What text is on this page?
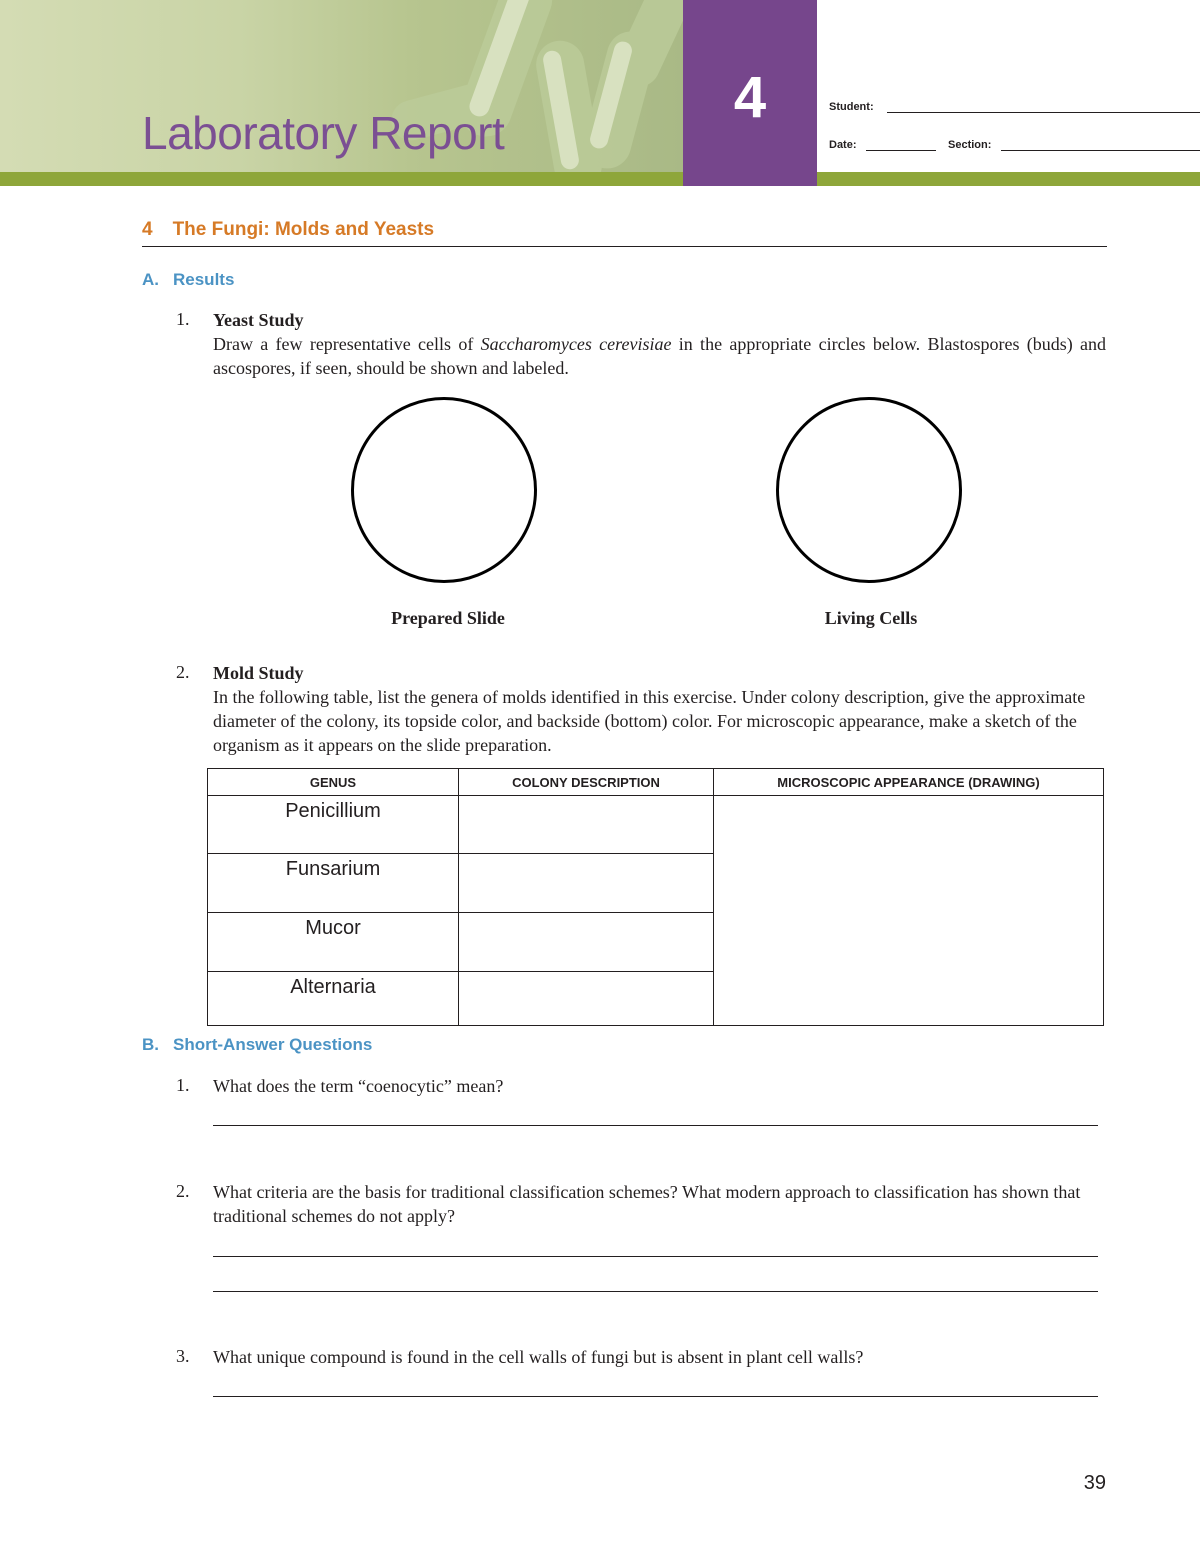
Laboratory Report
4	Student:
Date:	Section:
4 The Fungi: Molds and Yeasts
A. Results
1. Yeast Study
Draw a few representative cells of Saccharomyces cerevisiae in the appropriate circles below. Blastospores (buds) and ascospores, if seen, should be shown and labeled.
Prepared Slide	Living Cells
2. Mold Study
In the following table, list the genera of molds identified in this exercise. Under colony description, give the approximate diameter of the colony, its topside color, and backside (bottom) color. For microscopic appearance, make a sketch of the organism as it appears on the slide preparation.
GENUS	COLONY DESCRIPTION	MICROSCOPIC APPEARANCE (DRAWING)
Penicillium		
Funsarium		
Mucor		
Alternaria		
B. Short-Answer Questions
1. What does the term “coenocytic” mean?
2. What criteria are the basis for traditional classification schemes? What modern approach to classification has shown that traditional schemes do not apply?
3. What unique compound is found in the cell walls of fungi but is absent in plant cell walls?
39
